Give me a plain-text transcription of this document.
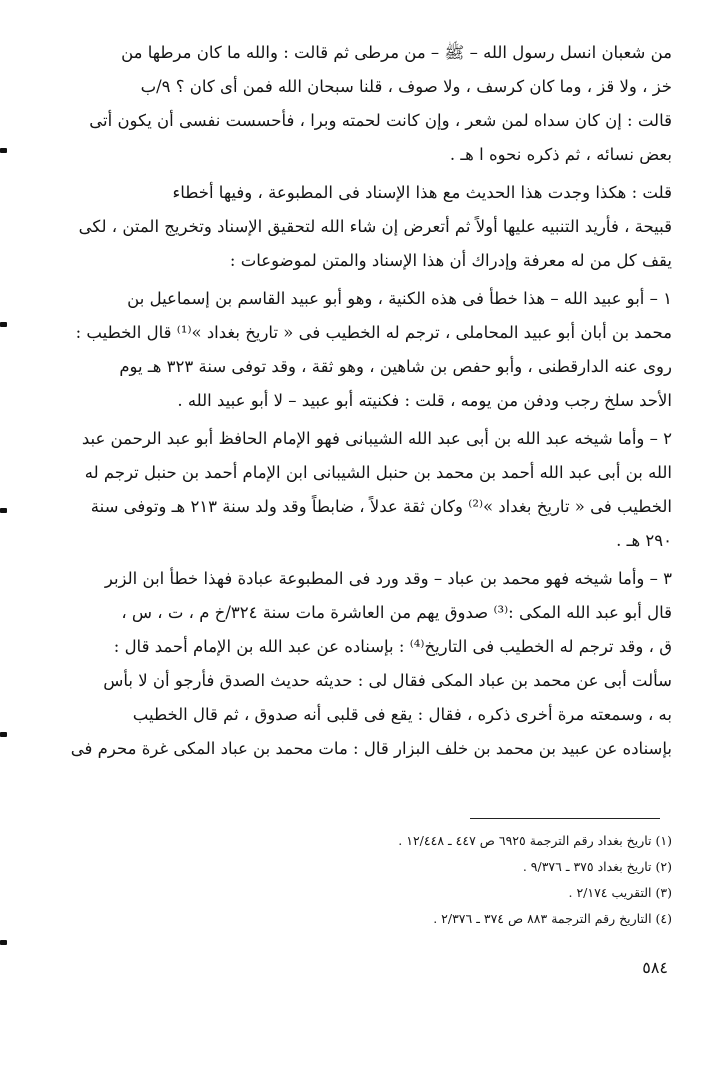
من شعبان انسل رسول الله – ﷺ – من مرطى ثم قالت : والله ما كان مرطها من

خز ، ولا قز ، وما كان كرسف ، ولا صوف ، قلنا سبحان الله فمن أى كان ؟ ٩/ب

قالت : إن كان سداه لمن شعر ، وإن كانت لحمته وبرا ، فأحسست نفسى أن يكون أتى

بعض نسائه ، ثم ذكره نحوه ا هـ .

قلت : هكذا وجدت هذا الحديث مع هذا الإسناد فى المطبوعة ، وفيها أخطاء

قبيحة ، فأريد التنبيه عليها أولاً ثم أتعرض إن شاء الله لتحقيق الإسناد وتخريج المتن ، لكى

يقف كل من له معرفة وإدراك أن هذا الإسناد والمتن لموضوعات :

١ – أبو عبيد الله – هذا خطأ فى هذه الكنية ، وهو أبو عبيد القاسم بن إسماعيل بن

محمد بن أبان أبو عبيد المحاملى ، ترجم له الخطيب فى « تاريخ بغداد »⁽¹⁾ قال الخطيب :

روى عنه الدارقطنى ، وأبو حفص بن شاهين ، وهو ثقة ، وقد توفى سنة ٣٢٣ هـ يوم

الأحد سلخ رجب ودفن من يومه ، قلت : فكنيته أبو عبيد – لا أبو عبيد الله .

٢ – وأما شيخه عبد الله بن أبى عبد الله الشيبانى فهو الإمام الحافظ أبو عبد الرحمن عبد

الله بن أبى عبد الله أحمد بن محمد بن حنبل الشيبانى ابن الإمام أحمد بن حنبل ترجم له

الخطيب فى « تاريخ بغداد »⁽²⁾ وكان ثقة عدلاً ، ضابطاً وقد ولد سنة ٢١٣ هـ وتوفى سنة

٢٩٠ هـ .

٣ – وأما شيخه فهو محمد بن عباد – وقد ورد فى المطبوعة عبادة فهذا خطأ ابن الزبر

قال أبو عبد الله المكى :⁽³⁾ صدوق يهم من العاشرة مات سنة ٣٢٤/خ م ، ت ، س ،

ق ، وقد ترجم له الخطيب فى التاريخ⁽⁴⁾ : بإسناده عن عبد الله بن الإمام أحمد قال :

سألت أبى عن محمد بن عباد المكى فقال لى : حديثه حديث الصدق فأرجو أن لا بأس

به ، وسمعته مرة أخرى ذكره ، فقال : يقع فى قلبى أنه صدوق ، ثم قال الخطيب

بإسناده عن عبيد بن محمد بن خلف البزار قال : مات محمد بن عباد المكى غرة محرم فى

(١) تاريخ بغداد رقم الترجمة ٦٩٢٥ ص ٤٤٧ ـ ١٢/٤٤٨ .

(٢) تاريخ بغداد ٣٧٥ ـ ٩/٣٧٦ .

(٣) التقريب ٢/١٧٤ .

(٤) التاريخ رقم الترجمة ٨٨٣ ص ٣٧٤ ـ ٢/٣٧٦ .

٥٨٤
